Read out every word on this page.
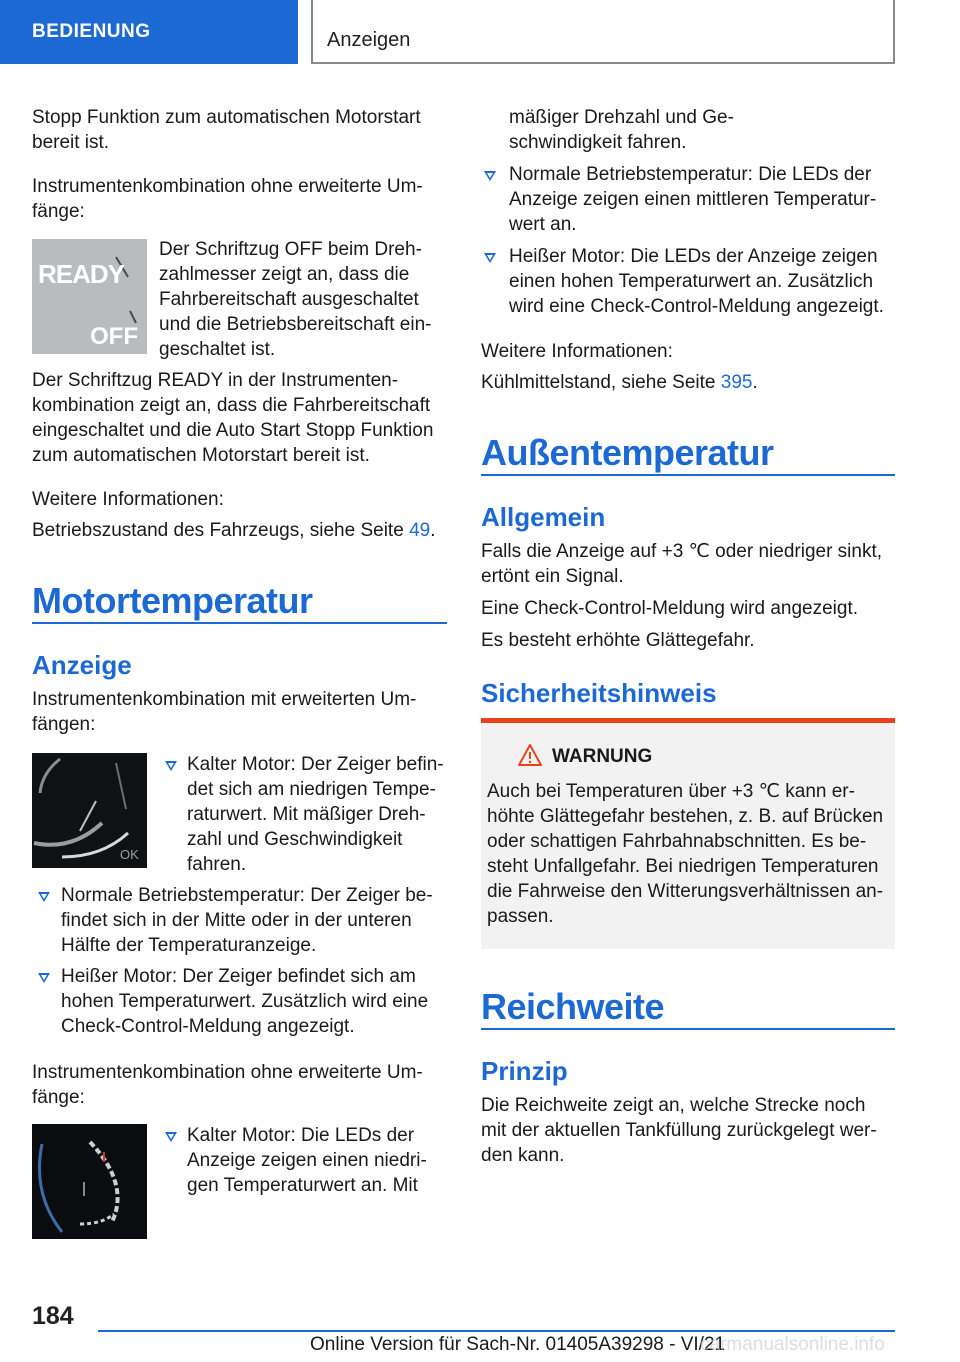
BEDIENUNG	Anzeigen

Stopp Funktion zum automatischen Motorstart

bereit ist.

Instrumentenkombination ohne erweiterte Um-

fänge:

READY
OFF

Der Schriftzug OFF beim Dreh-

zahlmesser zeigt an, dass die

Fahrbereitschaft ausgeschaltet

und die Betriebsbereitschaft ein-

geschaltet ist.

Der Schriftzug READY in der Instrumenten-

kombination zeigt an, dass die Fahrbereitschaft

eingeschaltet und die Auto Start Stopp Funktion

zum automatischen Motorstart bereit ist.

Weitere Informationen:

Betriebszustand des Fahrzeugs, siehe Seite 49.

Motortemperatur
Anzeige

Instrumentenkombination mit erweiterten Um-

fängen:

OK

Kalter Motor: Der Zeiger befin-

det sich am niedrigen Tempe-

raturwert. Mit mäßiger Dreh-

zahl und Geschwindigkeit

fahren.

Normale Betriebstemperatur: Der Zeiger be-

findet sich in der Mitte oder in der unteren

Hälfte der Temperaturanzeige.

Heißer Motor: Der Zeiger befindet sich am

hohen Temperaturwert. Zusätzlich wird eine

Check-Control-Meldung angezeigt.

Instrumentenkombination ohne erweiterte Um-

fänge:

Kalter Motor: Die LEDs der

Anzeige zeigen einen niedri-

gen Temperaturwert an. Mit

mäßiger Drehzahl und Ge-

schwindigkeit fahren.

Normale Betriebstemperatur: Die LEDs der

Anzeige zeigen einen mittleren Temperatur-

wert an.

Heißer Motor: Die LEDs der Anzeige zeigen

einen hohen Temperaturwert an. Zusätzlich

wird eine Check-Control-Meldung angezeigt.

Weitere Informationen:

Kühlmittelstand, siehe Seite 395.

Außentemperatur
Allgemein

Falls die Anzeige auf +3 ℃ oder niedriger sinkt,

ertönt ein Signal.

Eine Check-Control-Meldung wird angezeigt.

Es besteht erhöhte Glättegefahr.

Sicherheitshinweis
WARNUNG

Auch bei Temperaturen über +3 ℃ kann er-

höhte Glättegefahr bestehen, z. B. auf Brücken

oder schattigen Fahrbahnabschnitten. Es be-

steht Unfallgefahr. Bei niedrigen Temperaturen

die Fahrweise den Witterungsverhältnissen an-

passen.

Reichweite
Prinzip

Die Reichweite zeigt an, welche Strecke noch

mit der aktuellen Tankfüllung zurückgelegt wer-

den kann.

184
Online Version für Sach-Nr. 01405A39298 - VI/21
carmanualsonline.info
